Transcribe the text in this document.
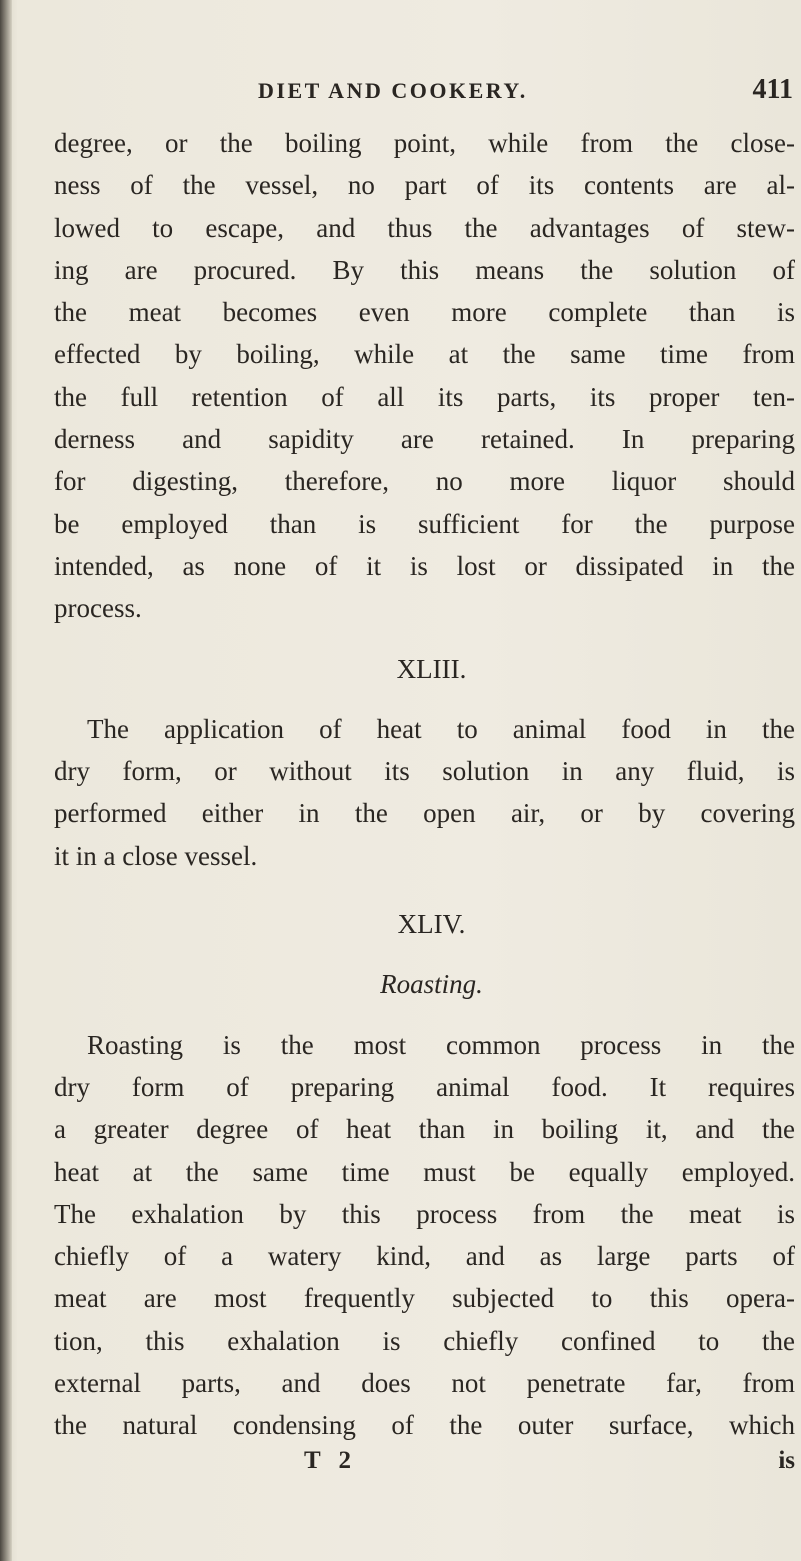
DIET AND COOKERY.	411
degree, or the boiling point, while from the close-
ness of the vessel, no part of its contents are al-
lowed to escape, and thus the advantages of stew-
ing are procured. By this means the solution of
the meat becomes even more complete than is
effected by boiling, while at the same time from
the full retention of all its parts, its proper ten-
derness and sapidity are retained. In preparing
for digesting, therefore, no more liquor should
be employed than is sufficient for the purpose
intended, as none of it is lost or dissipated in the
process.
XLIII.
The application of heat to animal food in the
dry form, or without its solution in any fluid, is
performed either in the open air, or by covering
it in a close vessel.
XLIV.
Roasting.
Roasting is the most common process in the
dry form of preparing animal food. It requires
a greater degree of heat than in boiling it, and the
heat at the same time must be equally employed.
The exhalation by this process from the meat is
chiefly of a watery kind, and as large parts of
meat are most frequently subjected to this opera-
tion, this exhalation is chiefly confined to the
external parts, and does not penetrate far, from
the natural condensing of the outer surface, which
T 2	is
